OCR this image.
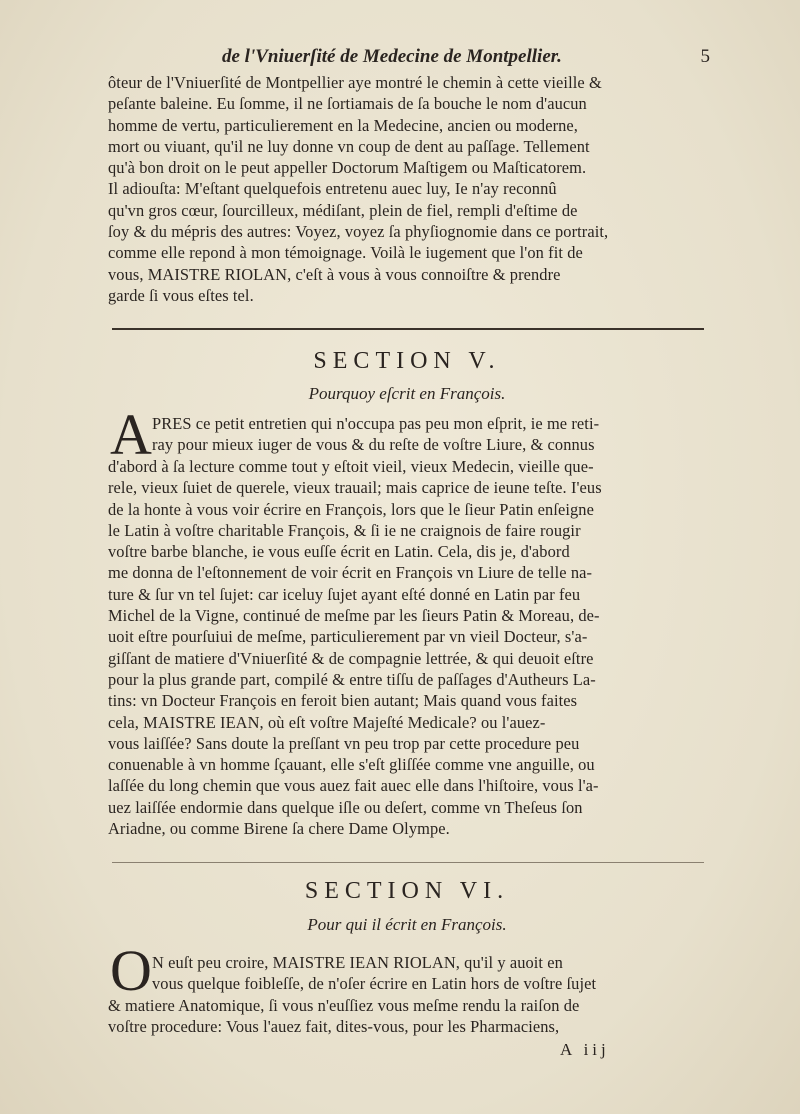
de l'Vniuerſité de Medecine de Montpellier.	5
ôteur de l'Vniuerſité de Montpellier aye montré le chemin à cette vieille &
peſante baleine. Eu ſomme, il ne ſortiamais de ſa bouche le nom d'aucun
homme de vertu, particulierement en la Medecine, ancien ou moderne,
mort ou viuant, qu'il ne luy donne vn coup de dent au paſſage. Tellement
qu'à bon droit on le peut appeller Doctorum Maſtigem ou Maſticatorem.
Il adiouſta: M'eſtant quelquefois entretenu auec luy, Ie n'ay reconnû
qu'vn gros cœur, ſourcilleux, médiſant, plein de fiel, rempli d'eſtime de
ſoy & du mépris des autres: Voyez, voyez ſa phyſiognomie dans ce portrait,
comme elle repond à mon témoignage. Voilà le iugement que l'on fit de
vous, MAISTRE RIOLAN, c'eſt à vous à vous connoiſtre & prendre
garde ſi vous eſtes tel.
SECTION V.
Pourquoy eſcrit en François.
A PRES ce petit entretien qui n'occupa pas peu mon eſprit, ie me reti-
ray pour mieux iuger de vous & du reſte de voſtre Liure, & connus
d'abord à ſa lecture comme tout y eſtoit vieil, vieux Medecin, vieille que-
rele, vieux ſuiet de querele, vieux trauail; mais caprice de ieune teſte. I'eus
de la honte à vous voir écrire en François, lors que le ſieur Patin enſeigne
le Latin à voſtre charitable François, & ſi ie ne craignois de faire rougir
voſtre barbe blanche, ie vous euſſe écrit en Latin. Cela, dis je, d'abord
me donna de l'eſtonnement de voir écrit en François vn Liure de telle na-
ture & ſur vn tel ſujet: car iceluy ſujet ayant eſté donné en Latin par feu
Michel de la Vigne, continué de meſme par les ſieurs Patin & Moreau, de-
uoit eſtre pourſuiui de meſme, particulierement par vn vieil Docteur, s'a-
giſſant de matiere d'Vniuerſité & de compagnie lettrée, & qui deuoit eſtre
pour la plus grande part, compilé & entre tiſſu de paſſages d'Autheurs La-
tins: vn Docteur François en feroit bien autant; Mais quand vous faites
cela, MAISTRE IEAN, où eſt voſtre Majeſté Medicale? ou l'auez-
vous laiſſée? Sans doute la preſſant vn peu trop par cette procedure peu
conuenable à vn homme ſçauant, elle s'eſt gliſſée comme vne anguille, ou
laſſée du long chemin que vous auez fait auec elle dans l'hiſtoire, vous l'a-
uez laiſſée endormie dans quelque iſle ou deſert, comme vn Theſeus ſon
Ariadne, ou comme Birene ſa chere Dame Olympe.
SECTION VI.
Pour qui il écrit en François.
O N euſt peu croire, MAISTRE IEAN RIOLAN, qu'il y auoit en
vous quelque foibleſſe, de n'oſer écrire en Latin hors de voſtre ſujet
& matiere Anatomique, ſi vous n'euſſiez vous meſme rendu la raiſon de
voſtre procedure: Vous l'auez fait, dites-vous, pour les Pharmaciens,
A iij
